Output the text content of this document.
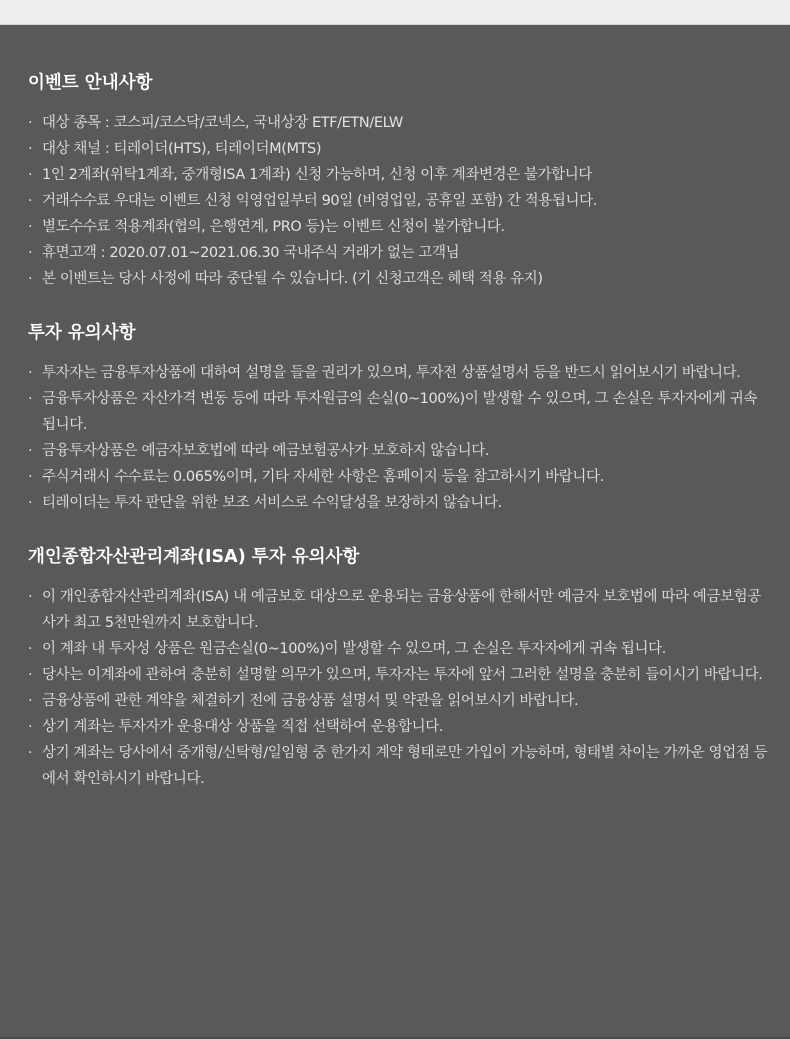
이벤트 안내사항
· 대상 종목 : 코스피/코스닥/코넥스, 국내상장 ETF/ETN/ELW
· 대상 채널 : 티레이더(HTS), 티레이더M(MTS)
· 1인 2계좌(위탁1계좌, 중개형ISA 1계좌) 신청 가능하며, 신청 이후 계좌변경은 불가합니다
· 거래수수료 우대는 이벤트 신청 익영업일부터 90일 (비영업일, 공휴일 포함) 간 적용됩니다.
· 별도수수료 적용계좌(협의, 은행연계, PRO 등)는 이벤트 신청이 불가합니다.
· 휴면고객 : 2020.07.01~2021.06.30 국내주식 거래가 없는 고객님
· 본 이벤트는 당사 사정에 따라 중단될 수 있습니다. (기 신청고객은 혜택 적용 유지)
투자 유의사항
· 투자자는 금융투자상품에 대하여 설명을 들을 권리가 있으며, 투자전 상품설명서 등을 반드시 읽어보시기 바랍니다.
· 금융투자상품은 자산가격 변동 등에 따라 투자원금의 손실(0~100%)이 발생할 수 있으며, 그 손실은 투자자에게 귀속됩니다.
· 금융투자상품은 예금자보호법에 따라 예금보험공사가 보호하지 않습니다.
· 주식거래시 수수료는 0.065%이며, 기타 자세한 사항은 홈페이지 등을 참고하시기 바랍니다.
· 티레이더는 투자 판단을 위한 보조 서비스로 수익달성을 보장하지 않습니다.
개인종합자산관리계좌(ISA) 투자 유의사항
· 이 개인종합자산관리계좌(ISA) 내 예금보호 대상으로 운용되는 금융상품에 한해서만 예금자 보호법에 따라 예금보험공사가 최고 5천만원까지 보호합니다.
· 이 계좌 내 투자성 상품은 원금손실(0~100%)이 발생할 수 있으며, 그 손실은 투자자에게 귀속 됩니다.
· 당사는 이계좌에 관하여 충분히 설명할 의무가 있으며, 투자자는 투자에 앞서 그러한 설명을 충분히 들이시기 바랍니다.
· 금융상품에 관한 계약을 체결하기 전에 금융상품 설명서 및 약관을 읽어보시기 바랍니다.
· 상기 계좌는 투자자가 운용대상 상품을 직접 선택하여 운용합니다.
· 상기 계좌는 당사에서 중개형/신탁형/일임형 중 한가지 계약 형태로만 가입이 가능하며, 형태별 차이는 가까운 영업점 등에서 확인하시기 바랍니다.
